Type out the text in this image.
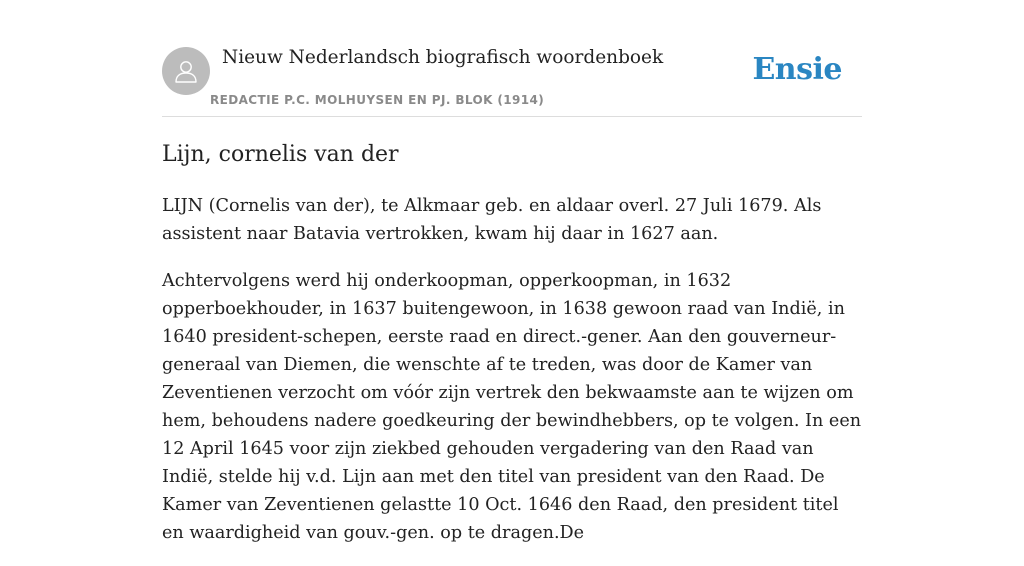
Nieuw Nederlandsch biografisch woordenboek
REDACTIE P.C. MOLHUYSEN EN PJ. BLOK (1914)
Ensie
Lijn, cornelis van der

LIJN (Cornelis van der), te Alkmaar geb. en aldaar overl. 27 Juli 1679. Als assistent naar Batavia vertrokken, kwam hij daar in 1627 aan.

Achtervolgens werd hij onderkoopman, opperkoopman, in 1632 opperboekhouder, in 1637 buitengewoon, in 1638 gewoon raad van Indië, in 1640 president-schepen, eerste raad en direct.-gener. Aan den gouverneur-generaal van Diemen, die wenschte af te treden, was door de Kamer van Zeventienen verzocht om vóór zijn vertrek den bekwaamste aan te wijzen om hem, behoudens nadere goedkeuring der bewindhebbers, op te volgen. In een 12 April 1645 voor zijn ziekbed gehouden vergadering van den Raad van Indië, stelde hij v.d. Lijn aan met den titel van president van den Raad. De Kamer van Zeventienen gelastte 10 Oct. 1646 den Raad, den president titel en waardigheid van gouv.-gen. op te dragen.De
